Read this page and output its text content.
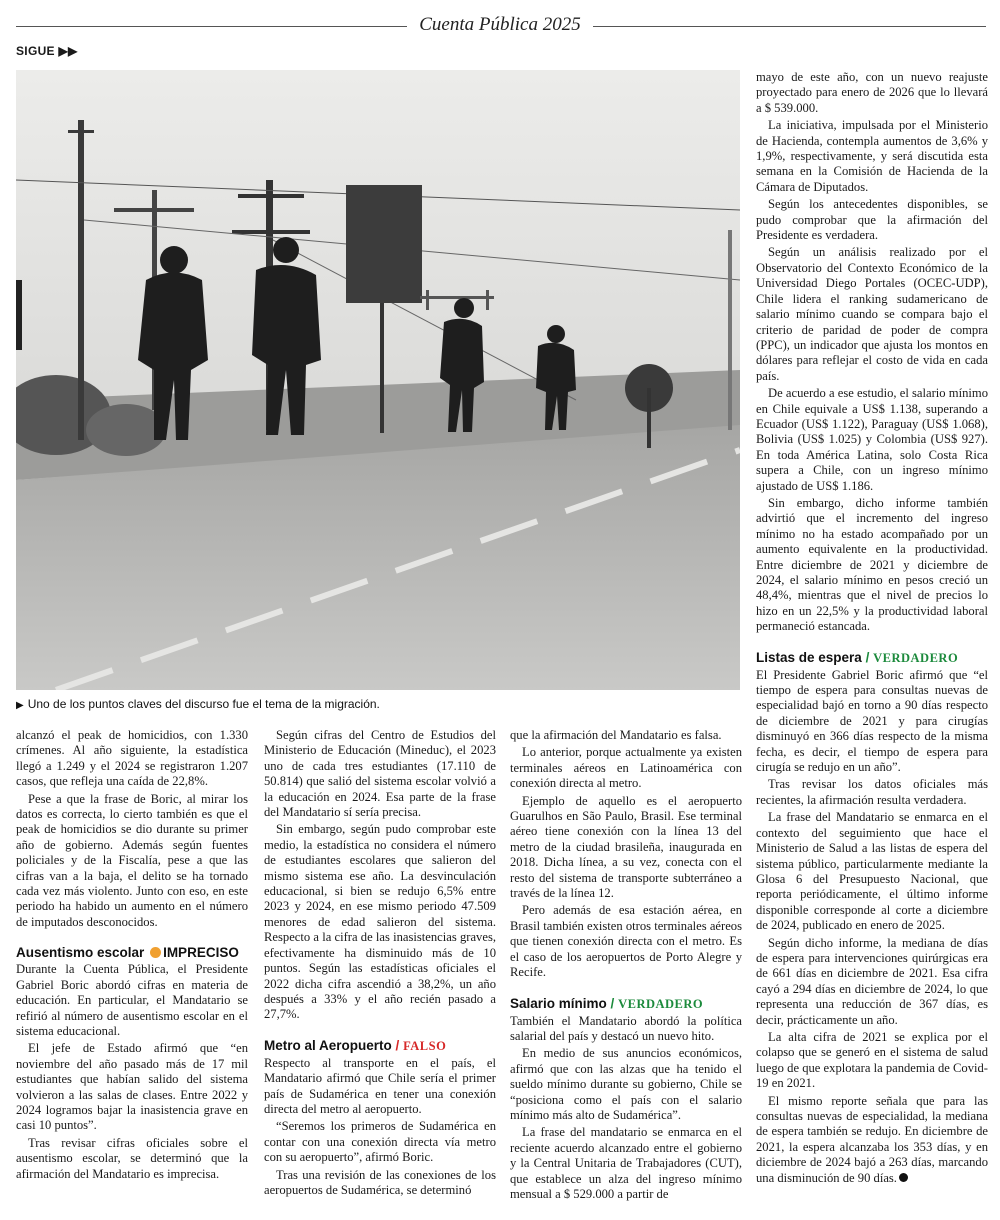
Cuenta Pública 2025
SIGUE ▶▶
▶ Uno de los puntos claves del discurso fue el tema de la migración.

alcanzó el peak de homicidios, con 1.330 crímenes. Al año siguiente, la estadística llegó a 1.249 y el 2024 se registraron 1.207 casos, que refleja una caída de 22,8%.

Pese a que la frase de Boric, al mirar los datos es correcta, lo cierto también es que el peak de homicidios se dio durante su primer año de gobierno. Además según fuentes policiales y de la Fiscalía, pese a que las cifras van a la baja, el delito se ha tornado cada vez más violento. Junto con eso, en este periodo ha habido un aumento en el número de imputados desconocidos.

Ausentismo escolar IMPRECISO

Durante la Cuenta Pública, el Presidente Gabriel Boric abordó cifras en materia de educación. En particular, el Mandatario se refirió al número de ausentismo escolar en el sistema educacional.

El jefe de Estado afirmó que “en noviembre del año pasado más de 17 mil estudiantes que habían salido del sistema volvieron a las salas de clases. Entre 2022 y 2024 logramos bajar la inasistencia grave en casi 10 puntos”.

Tras revisar cifras oficiales sobre el ausentismo escolar, se determinó que la afirmación del Mandatario es imprecisa.

Según cifras del Centro de Estudios del Ministerio de Educación (Mineduc), el 2023 uno de cada tres estudiantes (17.110 de 50.814) que salió del sistema escolar volvió a la educación en 2024. Esa parte de la frase del Mandatario sí sería precisa.

Sin embargo, según pudo comprobar este medio, la estadística no considera el número de estudiantes escolares que salieron del mismo sistema ese año. La desvinculación educacional, si bien se redujo 6,5% entre 2023 y 2024, en ese mismo periodo 47.509 menores de edad salieron del sistema. Respecto a la cifra de las inasistencias graves, efectivamente ha disminuido más de 10 puntos. Según las estadísticas oficiales el 2022 dicha cifra ascendió a 38,2%, un año después a 33% y el año recién pasado a 27,7%.

Metro al Aeropuerto / FALSO

Respecto al transporte en el país, el Mandatario afirmó que Chile sería el primer país de Sudamérica en tener una conexión directa del metro al aeropuerto.

“Seremos los primeros de Sudamérica en contar con una conexión directa vía metro con su aeropuerto”, afirmó Boric.

Tras una revisión de las conexiones de los aeropuertos de Sudamérica, se determinó

que la afirmación del Mandatario es falsa.

Lo anterior, porque actualmente ya existen terminales aéreos en Latinoamérica con conexión directa al metro.

Ejemplo de aquello es el aeropuerto Guarulhos en São Paulo, Brasil. Ese terminal aéreo tiene conexión con la línea 13 del metro de la ciudad brasileña, inaugurada en 2018. Dicha línea, a su vez, conecta con el resto del sistema de transporte subterráneo a través de la línea 12.

Pero además de esa estación aérea, en Brasil también existen otros terminales aéreos que tienen conexión directa con el metro. Es el caso de los aeropuertos de Porto Alegre y Recife.

Salario mínimo / VERDADERO

También el Mandatario abordó la política salarial del país y destacó un nuevo hito.

En medio de sus anuncios económicos, afirmó que con las alzas que ha tenido el sueldo mínimo durante su gobierno, Chile se “posiciona como el país con el salario mínimo más alto de Sudamérica”.

La frase del mandatario se enmarca en el reciente acuerdo alcanzado entre el gobierno y la Central Unitaria de Trabajadores (CUT), que establece un alza del ingreso mínimo mensual a $ 529.000 a partir de

mayo de este año, con un nuevo reajuste proyectado para enero de 2026 que lo llevará a $ 539.000.

La iniciativa, impulsada por el Ministerio de Hacienda, contempla aumentos de 3,6% y 1,9%, respectivamente, y será discutida esta semana en la Comisión de Hacienda de la Cámara de Diputados.

Según los antecedentes disponibles, se pudo comprobar que la afirmación del Presidente es verdadera.

Según un análisis realizado por el Observatorio del Contexto Económico de la Universidad Diego Portales (OCEC-UDP), Chile lidera el ranking sudamericano de salario mínimo cuando se compara bajo el criterio de paridad de poder de compra (PPC), un indicador que ajusta los montos en dólares para reflejar el costo de vida en cada país.

De acuerdo a ese estudio, el salario mínimo en Chile equivale a US$ 1.138, superando a Ecuador (US$ 1.122), Paraguay (US$ 1.068), Bolivia (US$ 1.025) y Colombia (US$ 927). En toda América Latina, solo Costa Rica supera a Chile, con un ingreso mínimo ajustado de US$ 1.186.

Sin embargo, dicho informe también advirtió que el incremento del ingreso mínimo no ha estado acompañado por un aumento equivalente en la productividad. Entre diciembre de 2021 y diciembre de 2024, el salario mínimo en pesos creció un 48,4%, mientras que el nivel de precios lo hizo en un 22,5% y la productividad laboral permaneció estancada.

Listas de espera / VERDADERO

El Presidente Gabriel Boric afirmó que “el tiempo de espera para consultas nuevas de especialidad bajó en torno a 90 días respecto de diciembre de 2021 y para cirugías disminuyó en 366 días respecto de la misma fecha, es decir, el tiempo de espera para cirugía se redujo en un año”.

Tras revisar los datos oficiales más recientes, la afirmación resulta verdadera.

La frase del Mandatario se enmarca en el contexto del seguimiento que hace el Ministerio de Salud a las listas de espera del sistema público, particularmente mediante la Glosa 6 del Presupuesto Nacional, que reporta periódicamente, el último informe disponible corresponde al corte a diciembre de 2024, publicado en enero de 2025.

Según dicho informe, la mediana de días de espera para intervenciones quirúrgicas era de 661 días en diciembre de 2021. Esa cifra cayó a 294 días en diciembre de 2024, lo que representa una reducción de 367 días, es decir, prácticamente un año.

La alta cifra de 2021 se explica por el colapso que se generó en el sistema de salud luego de que explotara la pandemia de Covid-19 en 2021.

El mismo reporte señala que para las consultas nuevas de especialidad, la mediana de espera también se redujo. En diciembre de 2021, la espera alcanzaba los 353 días, y en diciembre de 2024 bajó a 263 días, marcando una disminución de 90 días.
